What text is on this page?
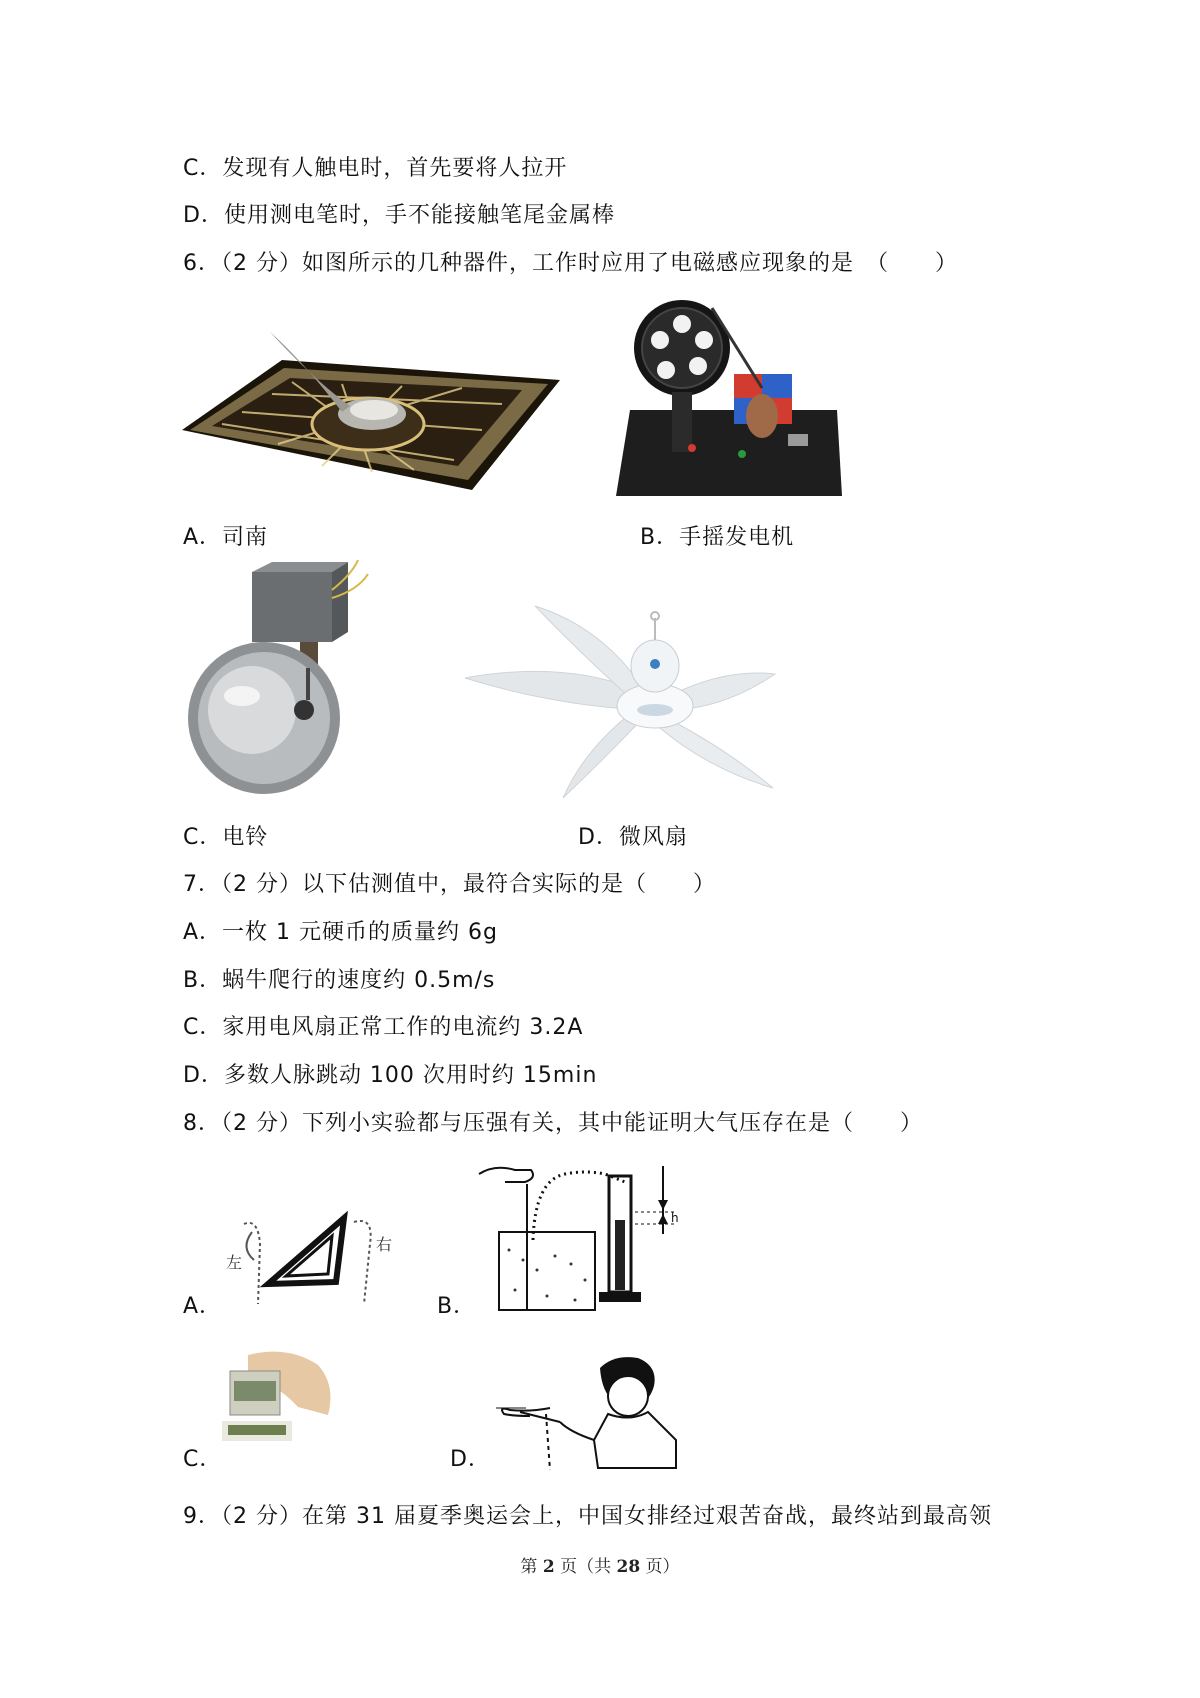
C．发现有人触电时，首先要将人拉开
D．使用测电笔时，手不能接触笔尾金属棒
6．（2 分）如图所示的几种器件，工作时应用了电磁感应现象的是　（　　）
A．司南	B．手摇发电机
C．电铃	D．微风扇
7．（2 分）以下估测值中，最符合实际的是（　　）
A．一枚 1 元硬币的质量约 6g
B．蜗牛爬行的速度约 0.5m/s
C．家用电风扇正常工作的电流约 3.2A
D．多数人脉跳动 100 次用时约 15min
8．（2 分）下列小实验都与压强有关，其中能证明大气压存在是（　　）
A．
左
右
B．
h
C．	D．
9．（2 分）在第 31 届夏季奥运会上，中国女排经过艰苦奋战，最终站到最高领
第 2 页（共 28 页）
